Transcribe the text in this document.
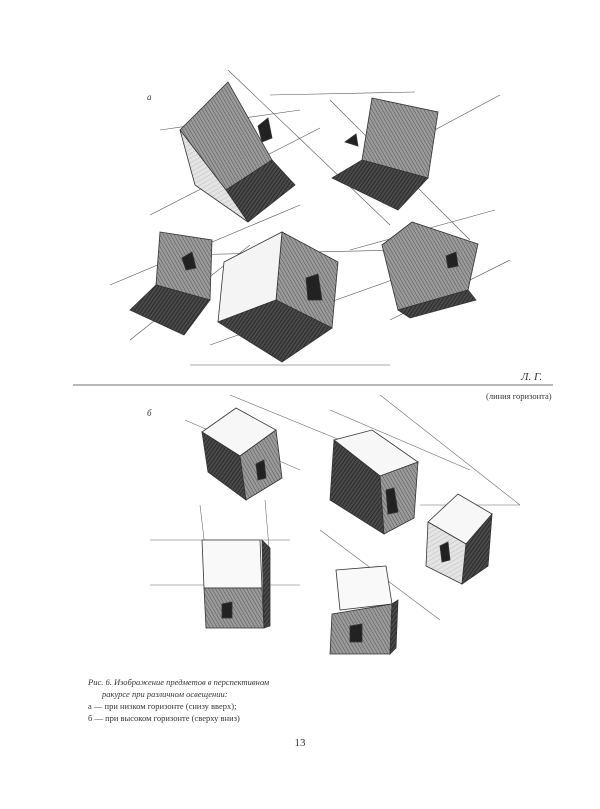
а
б
Л. Г.
(линия горизонта)
Рис. 6. Изображение предметов в перспективном
ракурсе при различном освещении:
а — при низком горизонте (снизу вверх);
б — при высоком горизонте (сверху вниз)
13
